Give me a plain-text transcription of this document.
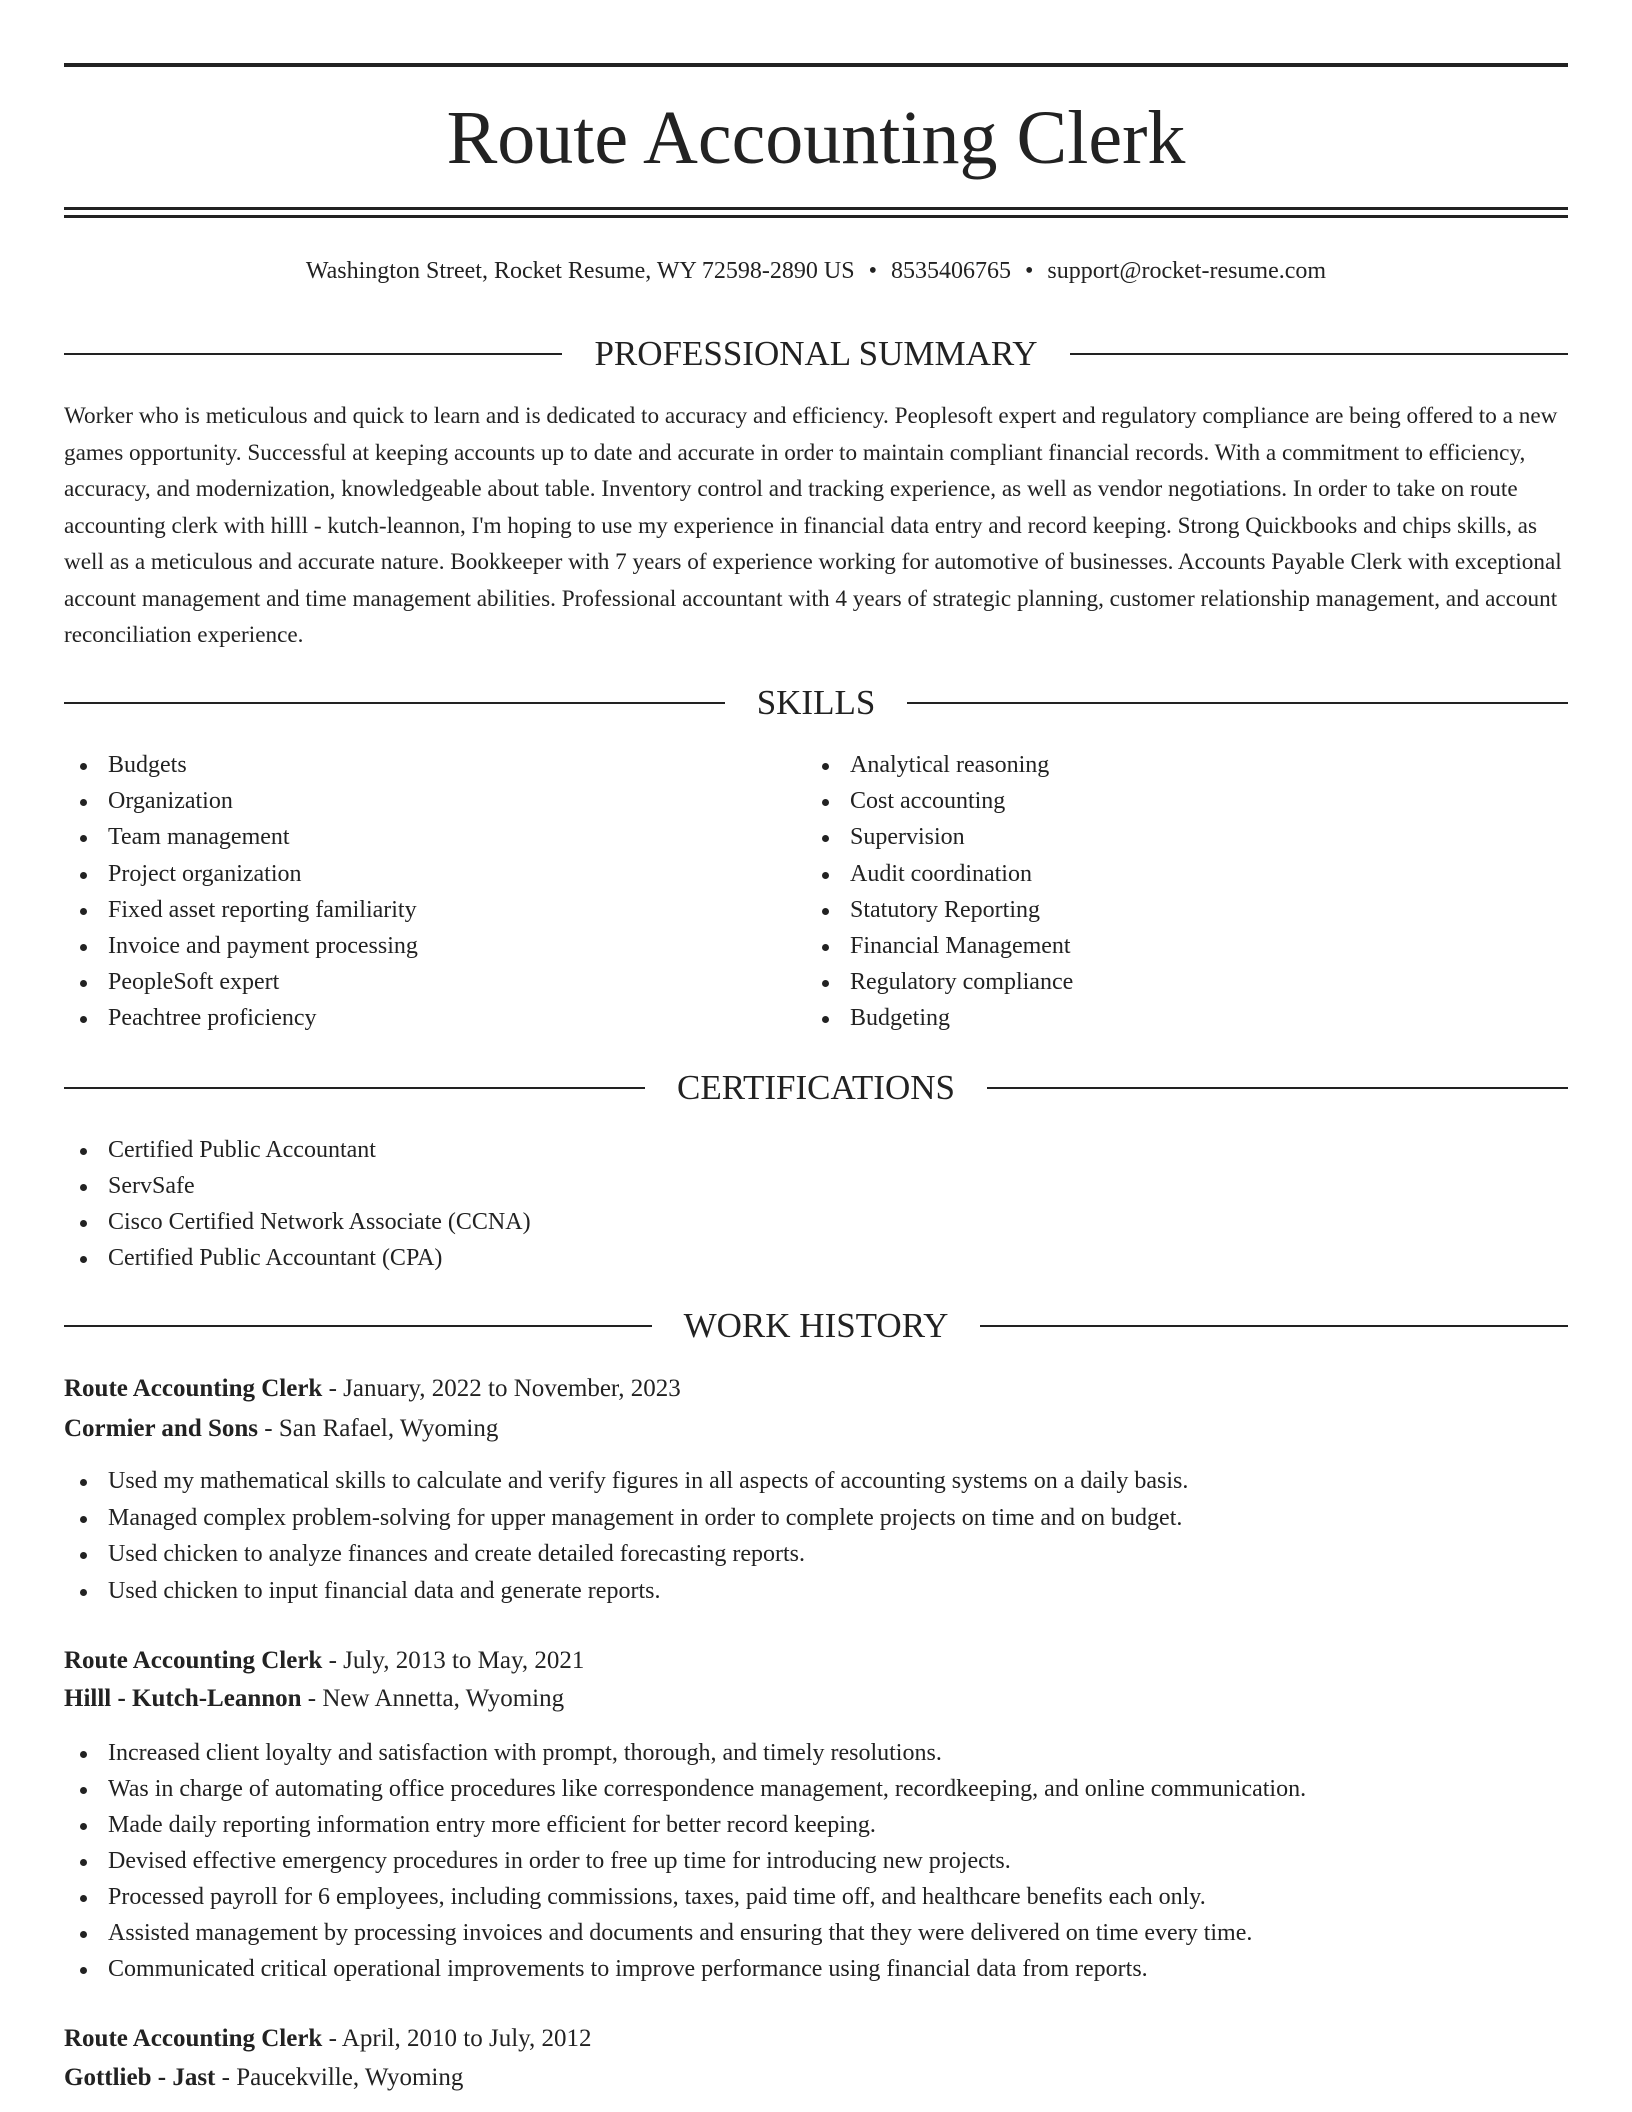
Route Accounting Clerk
Washington Street, Rocket Resume, WY 72598-2890 US • 8535406765 • support@rocket-resume.com
PROFESSIONAL SUMMARY

Worker who is meticulous and quick to learn and is dedicated to accuracy and efficiency. Peoplesoft expert and regulatory compliance are being offered to a new games opportunity. Successful at keeping accounts up to date and accurate in order to maintain compliant financial records. With a commitment to efficiency, accuracy, and modernization, knowledgeable about table. Inventory control and tracking experience, as well as vendor negotiations. In order to take on route accounting clerk with hilll - kutch-leannon, I'm hoping to use my experience in financial data entry and record keeping. Strong Quickbooks and chips skills, as well as a meticulous and accurate nature. Bookkeeper with 7 years of experience working for automotive of businesses. Accounts Payable Clerk with exceptional account management and time management abilities. Professional accountant with 4 years of strategic planning, customer relationship management, and account reconciliation experience.

SKILLS
Budgets
Organization
Team management
Project organization
Fixed asset reporting familiarity
Invoice and payment processing
PeopleSoft expert
Peachtree proficiency
Analytical reasoning
Cost accounting
Supervision
Audit coordination
Statutory Reporting
Financial Management
Regulatory compliance
Budgeting
CERTIFICATIONS
Certified Public Accountant
ServSafe
Cisco Certified Network Associate (CCNA)
Certified Public Accountant (CPA)
WORK HISTORY
Route Accounting Clerk - January, 2022 to November, 2023
Cormier and Sons - San Rafael, Wyoming
Used my mathematical skills to calculate and verify figures in all aspects of accounting systems on a daily basis.
Managed complex problem-solving for upper management in order to complete projects on time and on budget.
Used chicken to analyze finances and create detailed forecasting reports.
Used chicken to input financial data and generate reports.
Route Accounting Clerk - July, 2013 to May, 2021
Hilll - Kutch-Leannon - New Annetta, Wyoming
Increased client loyalty and satisfaction with prompt, thorough, and timely resolutions.
Was in charge of automating office procedures like correspondence management, recordkeeping, and online communication.
Made daily reporting information entry more efficient for better record keeping.
Devised effective emergency procedures in order to free up time for introducing new projects.
Processed payroll for 6 employees, including commissions, taxes, paid time off, and healthcare benefits each only.
Assisted management by processing invoices and documents and ensuring that they were delivered on time every time.
Communicated critical operational improvements to improve performance using financial data from reports.
Route Accounting Clerk - April, 2010 to July, 2012
Gottlieb - Jast - Paucekville, Wyoming
